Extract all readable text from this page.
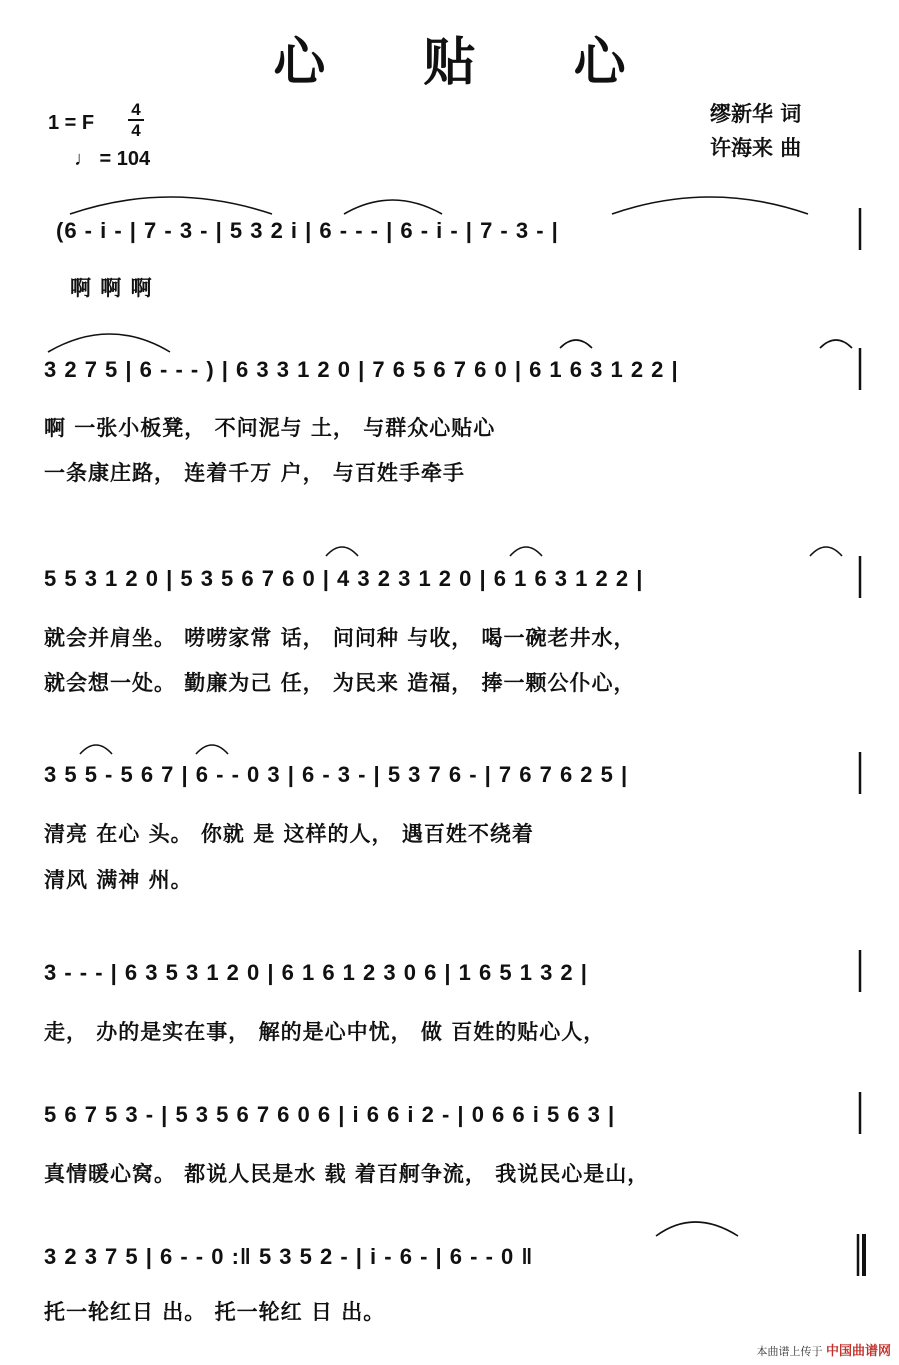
心 贴 心
1 = F
4
4
♩ = 104
缪新华 词
许海来 曲
(6 - i - | 7 - 3 - | 5 3 2 i | 6 - - - | 6 - i - | 7 - 3 - |
啊 啊 啊
3 2 7 5 | 6 - - - ) | 6 3 3 1 2 0 | 7 6 5 6 7 6 0 | 6 1 6 3 1 2 2 |
啊 一张小板凳， 不问泥与 土， 与群众心贴心
一条康庄路， 连着千万 户， 与百姓手牵手
5 5 3 1 2 0 | 5 3 5 6 7 6 0 | 4 3 2 3 1 2 0 | 6 1 6 3 1 2 2 |
就会并肩坐。 唠唠家常 话， 问问种 与收， 喝一碗老井水，
就会想一处。 勤廉为己 任， 为民来 造福， 捧一颗公仆心，
3 5 5 - 5 6 7 | 6 - - 0 3 | 6 - 3 - | 5 3 7 6 - | 7 6 7 6 2 5 |
清亮 在心 头。 你就 是 这样的人， 遇百姓不绕着
清风 满神 州。
3 - - - | 6 3 5 3 1 2 0 | 6 1 6 1 2 3 0 6 | 1 6 5 1 3 2 |
走， 办的是实在事， 解的是心中忧， 做 百姓的贴心人，
5 6 7 5 3 - | 5 3 5 6 7 6 0 6 | i 6 6 i 2 - | 0 6 6 i 5 6 3 |
真情暖心窝。 都说人民是水 载 着百舸争流， 我说民心是山，
3 2 3 7 5 | 6 - - 0 :‖ 5 3 5 2 - | i - 6 - | 6 - - 0 ‖
托一轮红日 出。 托一轮红 日 出。
本曲谱上传于 中国曲谱网
